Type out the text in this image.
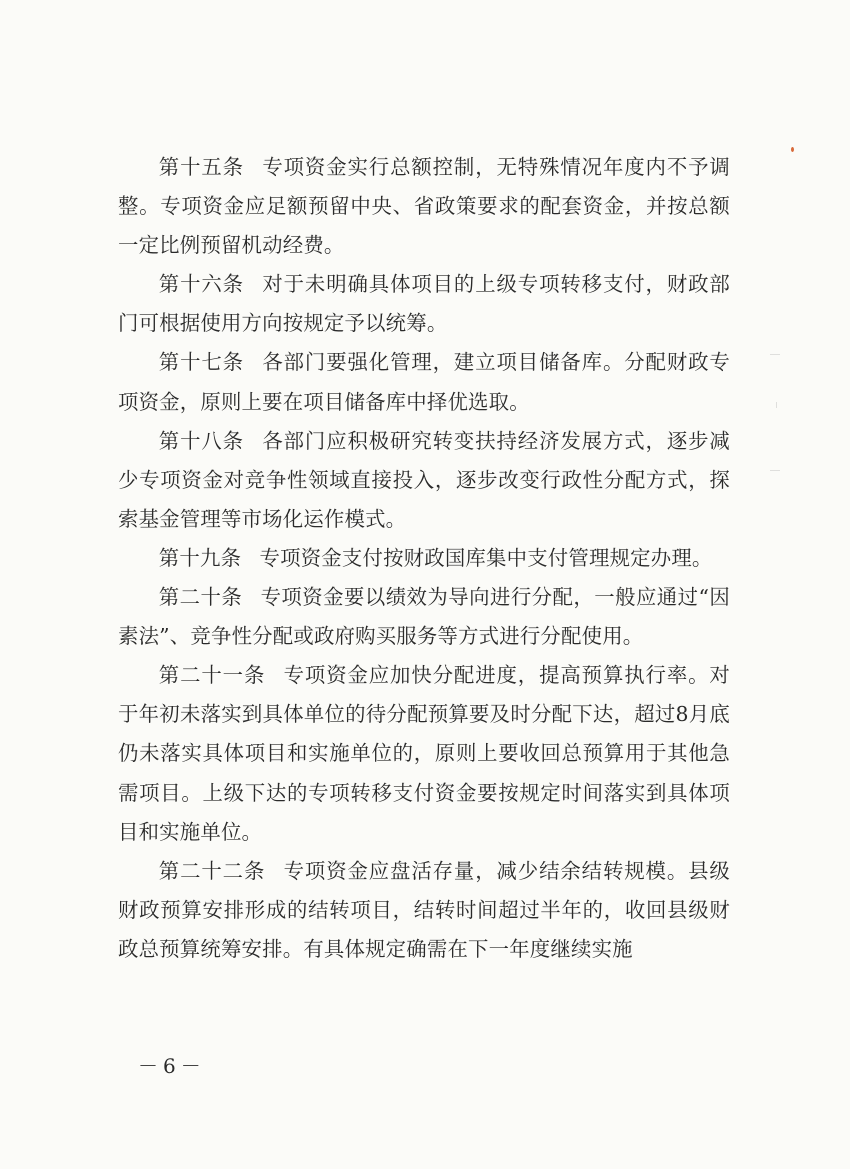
第十五条 专项资金实行总额控制，无特殊情况年度内不予调整。专项资金应足额预留中央、省政策要求的配套资金，并按总额一定比例预留机动经费。

第十六条 对于未明确具体项目的上级专项转移支付，财政部门可根据使用方向按规定予以统筹。

第十七条 各部门要强化管理，建立项目储备库。分配财政专项资金，原则上要在项目储备库中择优选取。

第十八条 各部门应积极研究转变扶持经济发展方式，逐步减少专项资金对竞争性领域直接投入，逐步改变行政性分配方式，探索基金管理等市场化运作模式。

第十九条 专项资金支付按财政国库集中支付管理规定办理。

第二十条 专项资金要以绩效为导向进行分配，一般应通过“因素法”、竞争性分配或政府购买服务等方式进行分配使用。

第二十一条 专项资金应加快分配进度，提高预算执行率。对于年初未落实到具体单位的待分配预算要及时分配下达，超过8月底仍未落实具体项目和实施单位的，原则上要收回总预算用于其他急需项目。上级下达的专项转移支付资金要按规定时间落实到具体项目和实施单位。

第二十二条 专项资金应盘活存量，减少结余结转规模。县级财政预算安排形成的结转项目，结转时间超过半年的，收回县级财政总预算统筹安排。有具体规定确需在下一年度继续实施

－6－
